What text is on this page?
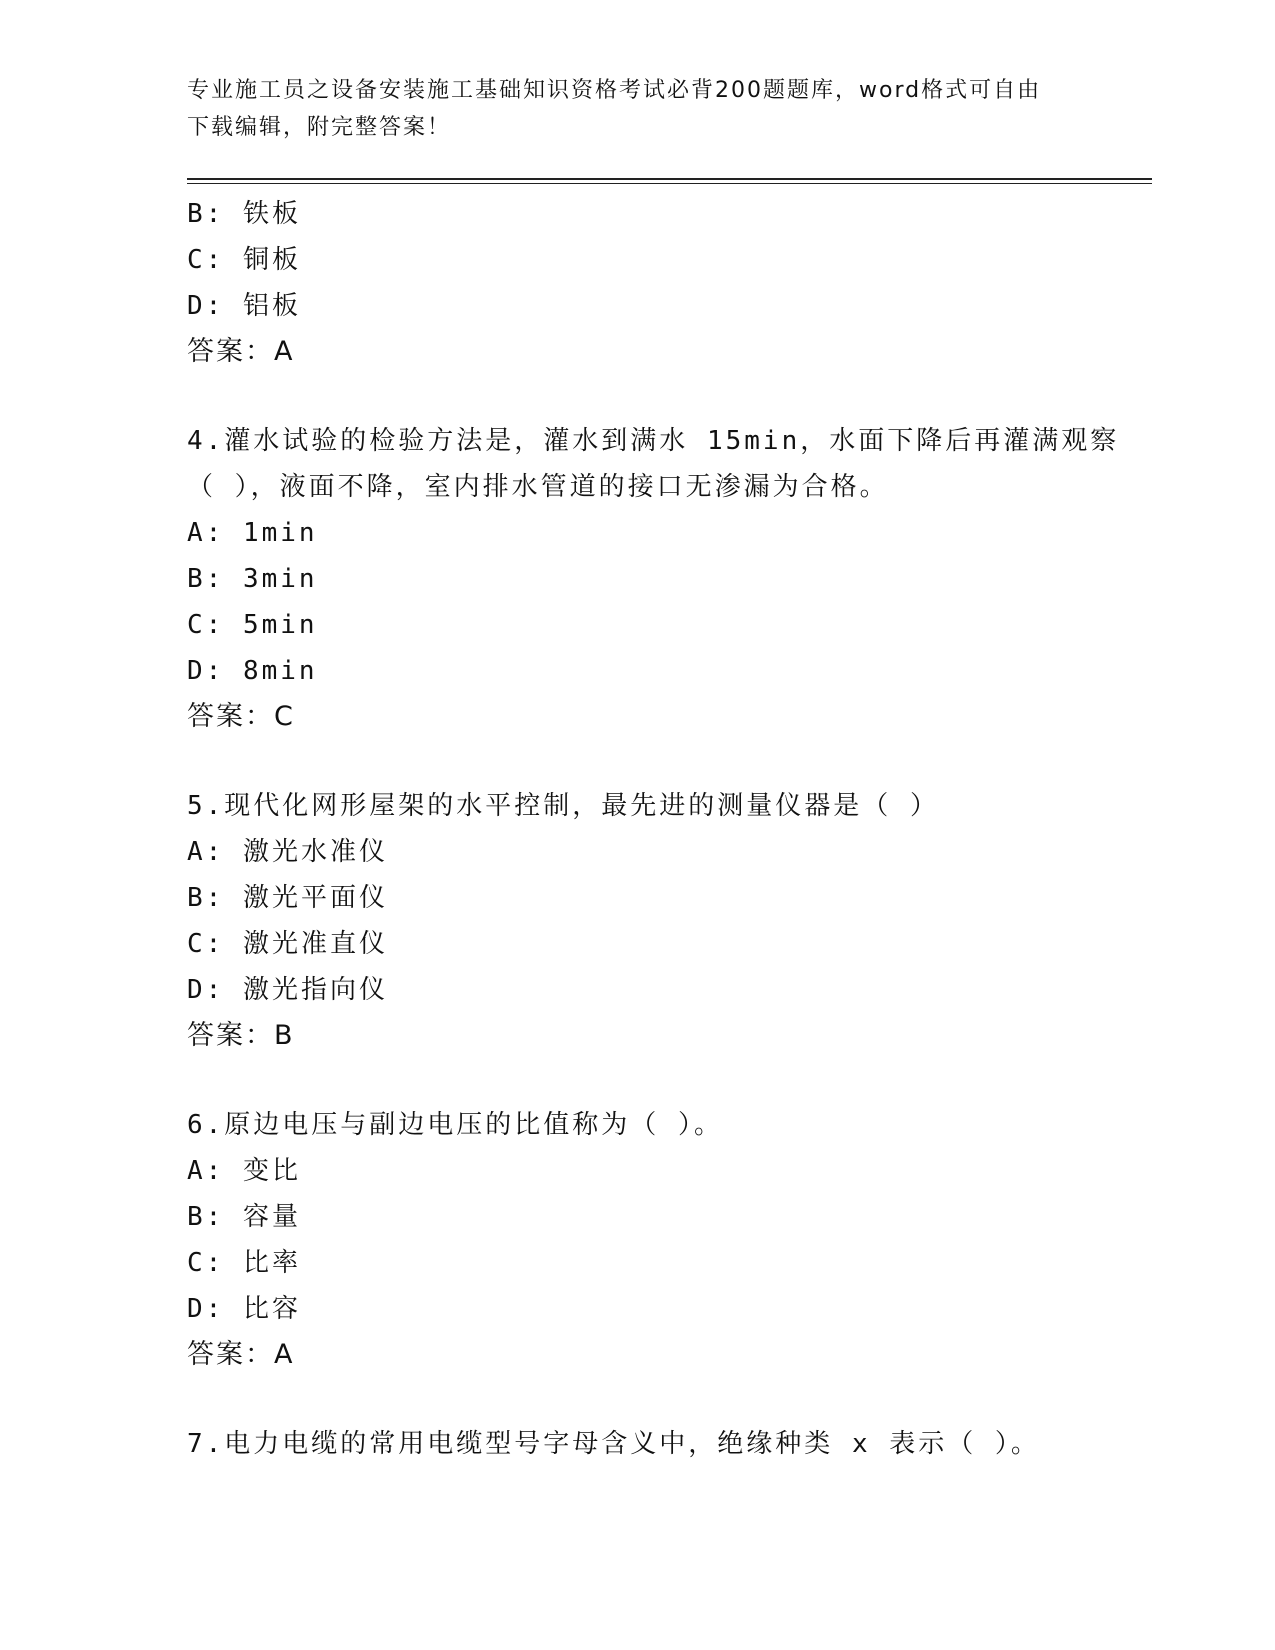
专业施工员之设备安装施工基础知识资格考试必背200题题库，word格式可自由
下载编辑，附完整答案！
B: 铁板
C: 铜板
D: 铝板
答案：A
4.灌水试验的检验方法是，灌水到满水 15min，水面下降后再灌满观察
（ ），液面不降，室内排水管道的接口无渗漏为合格。
A: 1min
B: 3min
C: 5min
D: 8min
答案：C
5.现代化网形屋架的水平控制，最先进的测量仪器是（ ）
A: 激光水准仪
B: 激光平面仪
C: 激光准直仪
D: 激光指向仪
答案：B
6.原边电压与副边电压的比值称为（ ）。
A: 变比
B: 容量
C: 比率
D: 比容
答案：A
7.电力电缆的常用电缆型号字母含义中，绝缘种类 x 表示（ ）。
